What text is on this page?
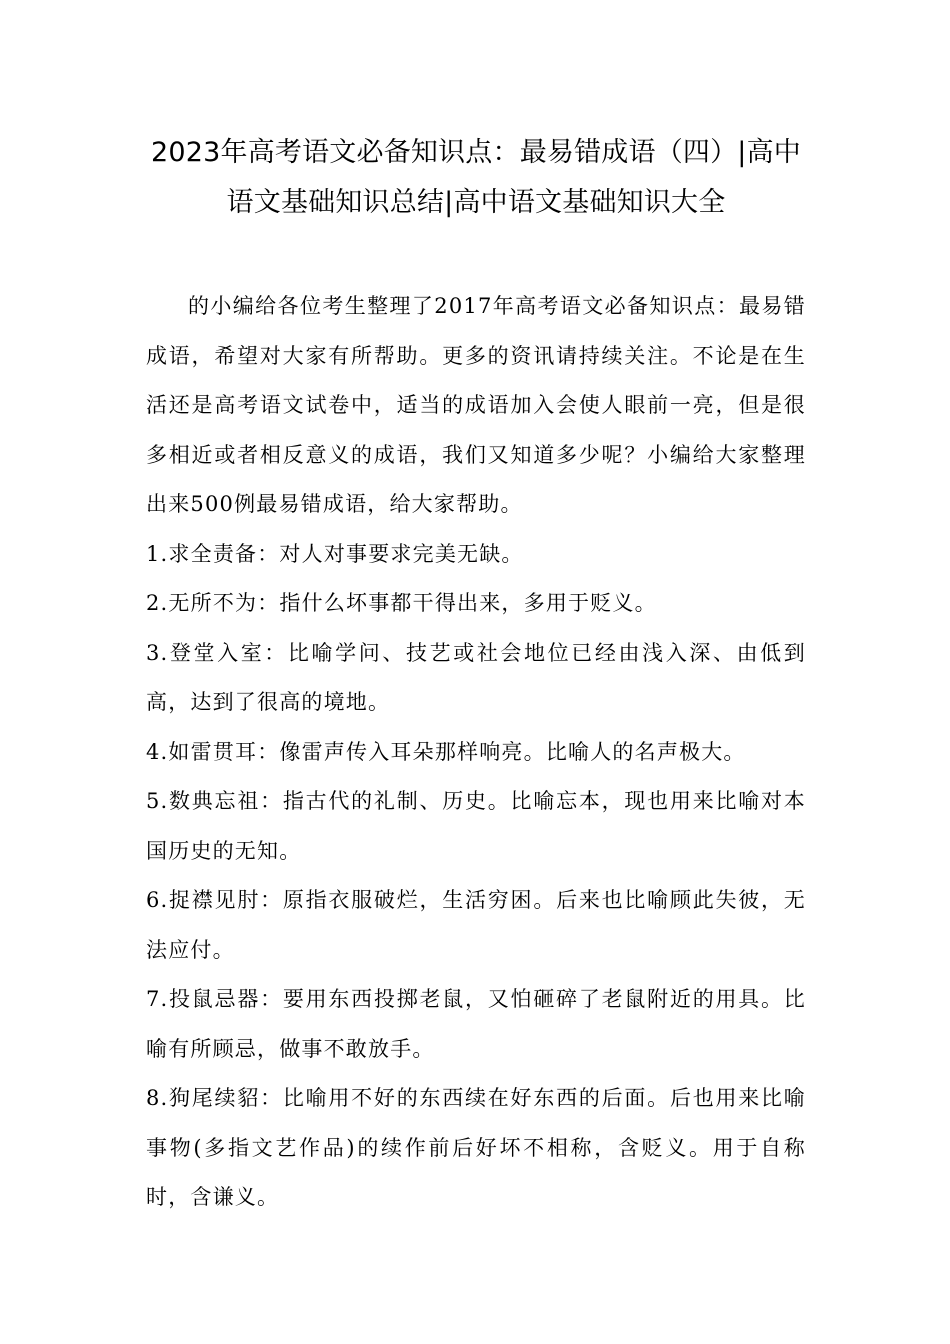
2023年高考语文必备知识点：最易错成语（四）|高中语文基础知识总结|高中语文基础知识大全

的小编给各位考生整理了2017年高考语文必备知识点：最易错成语，希望对大家有所帮助。更多的资讯请持续关注。不论是在生活还是高考语文试卷中，适当的成语加入会使人眼前一亮，但是很多相近或者相反意义的成语，我们又知道多少呢？小编给大家整理出来500例最易错成语，给大家帮助。

1.求全责备：对人对事要求完美无缺。

2.无所不为：指什么坏事都干得出来，多用于贬义。

3.登堂入室：比喻学问、技艺或社会地位已经由浅入深、由低到高，达到了很高的境地。

4.如雷贯耳：像雷声传入耳朵那样响亮。比喻人的名声极大。

5.数典忘祖：指古代的礼制、历史。比喻忘本，现也用来比喻对本国历史的无知。

6.捉襟见肘：原指衣服破烂，生活穷困。后来也比喻顾此失彼，无法应付。

7.投鼠忌器：要用东西投掷老鼠，又怕砸碎了老鼠附近的用具。比喻有所顾忌，做事不敢放手。

8.狗尾续貂：比喻用不好的东西续在好东西的后面。后也用来比喻事物(多指文艺作品)的续作前后好坏不相称，含贬义。用于自称时，含谦义。
